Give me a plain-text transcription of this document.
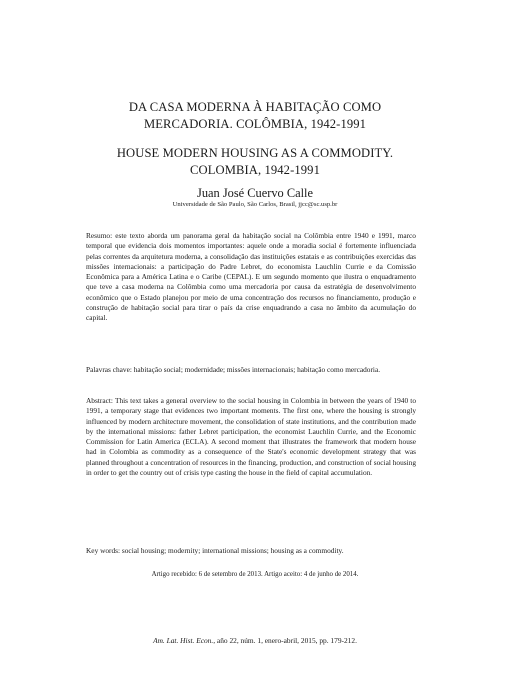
DA CASA MODERNA À HABITAÇÃO COMO
MERCADORIA. COLÔMBIA, 1942-1991
HOUSE MODERN HOUSING AS A COMMODITY.
COLOMBIA, 1942-1991
Juan José Cuervo Calle
Universidade de São Paulo, São Carlos, Brasil, jjcc@sc.usp.br
Resumo: este texto aborda um panorama geral da habitação social na Colômbia entre 1940 e 1991, marco temporal que evidencia dois momentos importantes: aquele onde a moradia social é fortemente influenciada pelas correntes da arquitetura moderna, a consolidação das instituições estatais e as contribuições exercidas das missões internacionais: a participação do Padre Lebret, do economista Lauchlin Currie e da Comissão Econômica para a América Latina e o Caribe (CEPAL). E um segundo momento que ilustra o enquadramento que teve a casa moderna na Colômbia como uma mercadoria por causa da estratégia de desenvolvimento econômico que o Estado planejou por meio de uma concentração dos recursos no financiamento, produção e construção de habitação social para tirar o país da crise enquadrando a casa no âmbito da acumulação do capital.
Palavras chave: habitação social; modernidade; missões internacionais; habitação como mercadoria.
Abstract: This text takes a general overview to the social housing in Colombia in between the years of 1940 to 1991, a temporary stage that evidences two important moments. The first one, where the housing is strongly influenced by modern architecture movement, the consolidation of state institutions, and the contribution made by the international missions: father Lebret participation, the economist Lauchlin Currie, and the Economic Commission for Latin America (ECLA). A second moment that illustrates the framework that modern house had in Colombia as commodity as a consequence of the State's economic development strategy that was planned throughout a concentration of resources in the financing, production, and construction of social housing in order to get the country out of crisis type casting the house in the field of capital accumulation.
Key words: social housing; modernity; international missions; housing as a commodity.
Artigo recebido: 6 de setembro de 2013. Artigo aceito: 4 de junho de 2014.
Am. Lat. Hist. Econ., año 22, núm. 1, enero-abril, 2015, pp. 179-212.
